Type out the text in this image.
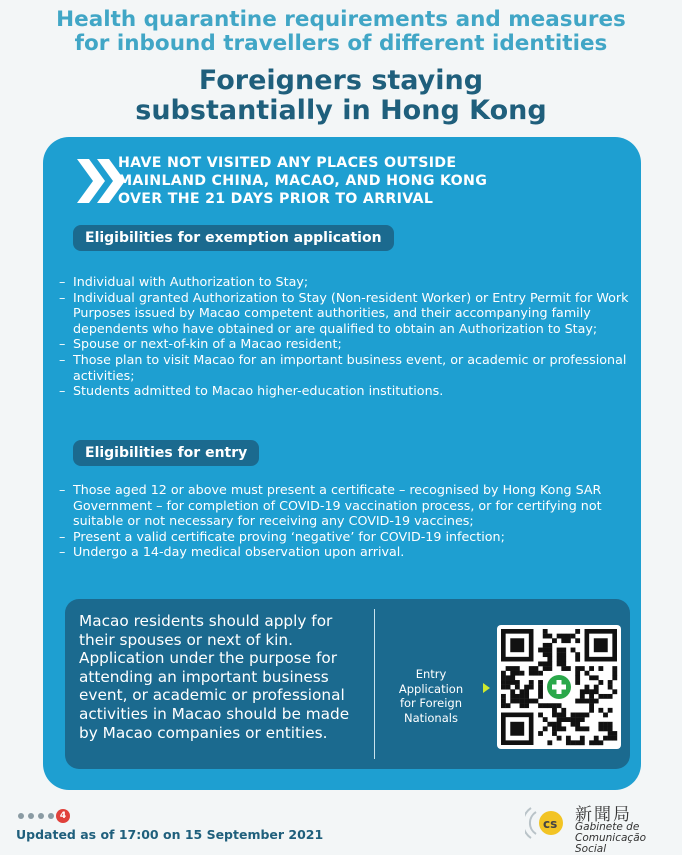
Health quarantine requirements and measures
for inbound travellers of different identities
Foreigners staying
substantially in Hong Kong
HAVE NOT VISITED ANY PLACES OUTSIDE
MAINLAND CHINA, MACAO, AND HONG KONG
OVER THE 21 DAYS PRIOR TO ARRIVAL
Eligibilities for exemption application
– Individual with Authorization to Stay;
– Individual granted Authorization to Stay (Non-resident Worker) or Entry Permit for Work Purposes issued by Macao competent authorities, and their accompanying family dependents who have obtained or are qualified to obtain an Authorization to Stay;
– Spouse or next-of-kin of a Macao resident;
– Those plan to visit Macao for an important business event, or academic or professional activities;
– Students admitted to Macao higher-education institutions.
Eligibilities for entry
– Those aged 12 or above must present a certificate – recognised by Hong Kong SAR Government – for completion of COVID-19 vaccination process, or for certifying not suitable or not necessary for receiving any COVID-19 vaccines;
– Present a valid certificate proving ‘negative’ for COVID-19 infection;
– Undergo a 14-day medical observation upon arrival.
Macao residents should apply for their spouses or next of kin. Application under the purpose for attending an important business event, or academic or professional activities in Macao should be made by Macao companies or entities.
Entry Application
for Foreign
Nationals
4
Updated as of 17:00 on 15 September 2021
cs 新聞局
Gabinete de
Comunicação Social
